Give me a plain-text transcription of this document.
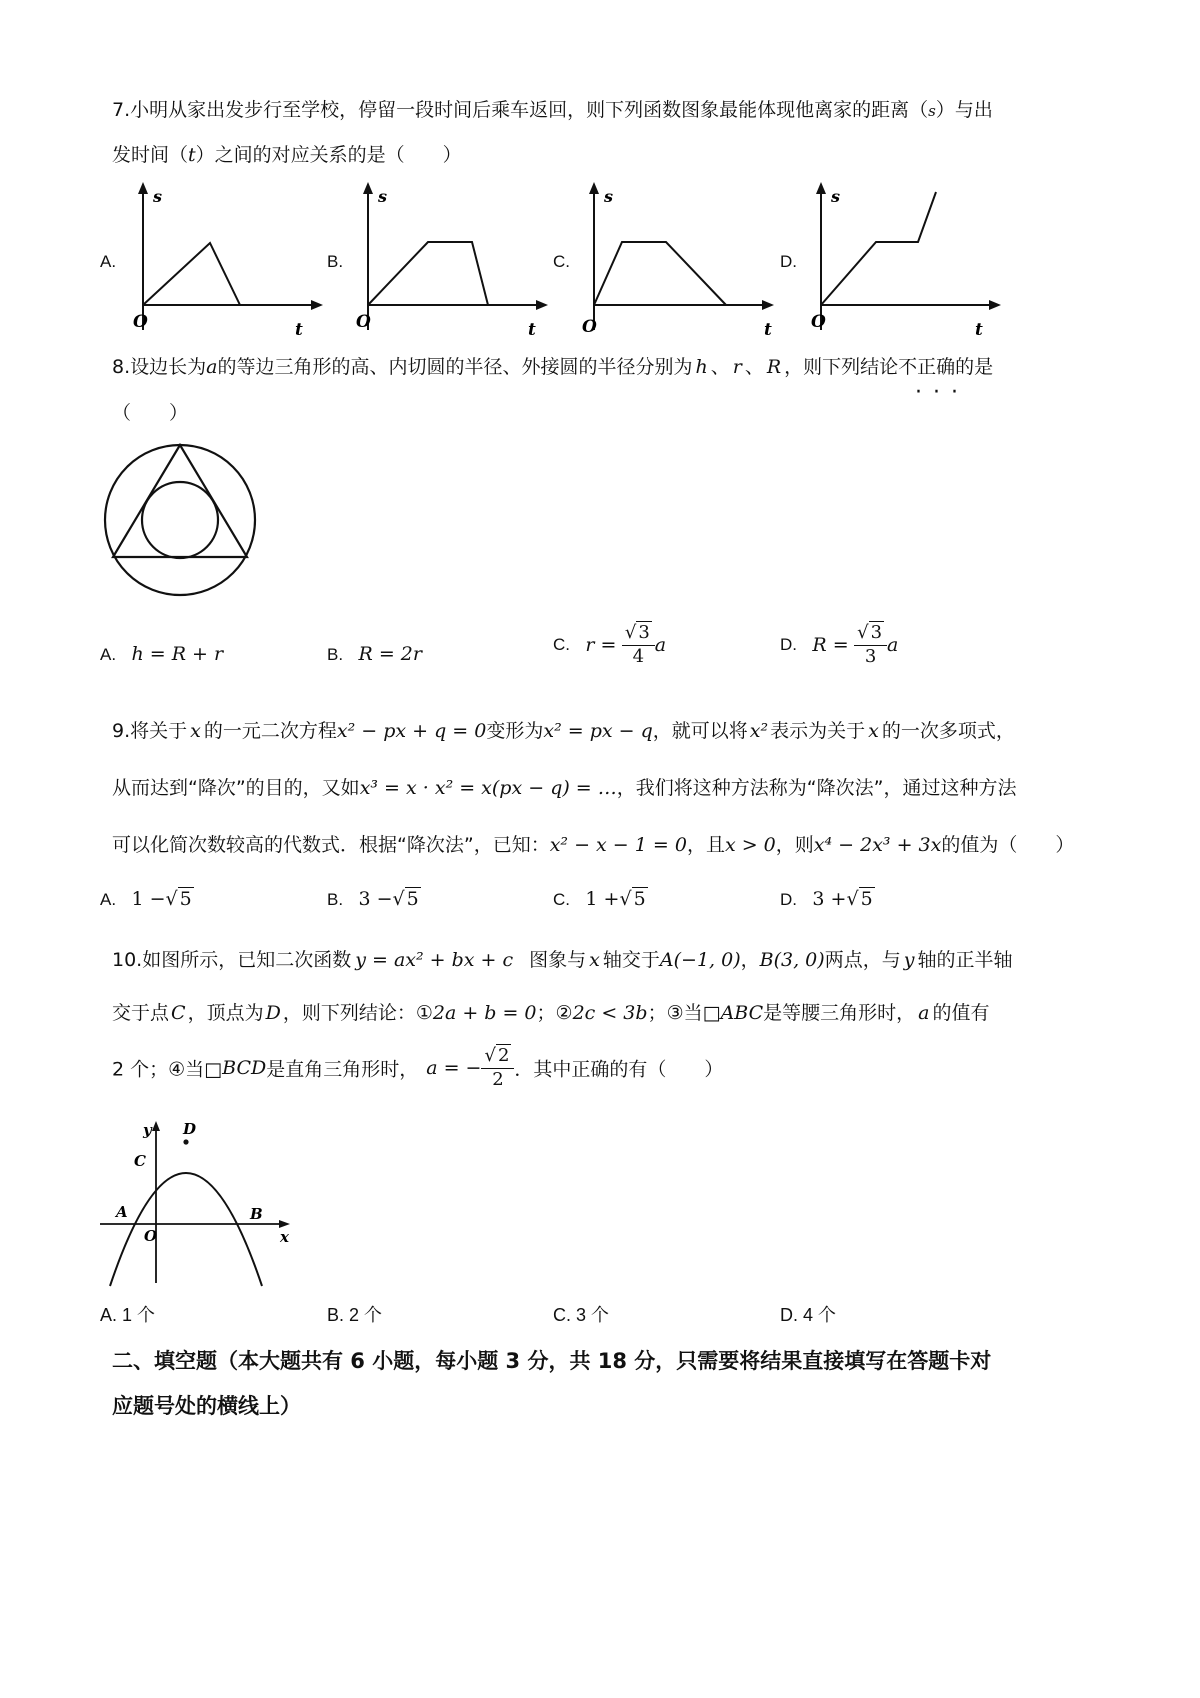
7.小明从家出发步行至学校，停留一段时间后乘车返回，则下列函数图象最能体现他离家的距离（s）与出
发时间（t）之间的对应关系的是（　　）
A.
s
O	t
B.
s
O	t
C.
s
O	t
D.
s
O	t
8.设边长为a的等边三角形的高、内切圆的半径、外接圆的半径分别为 h 、 r 、 R ，则下列结论不正确的是
···
（　　）
A. h = R + r	B. R = 2r	C. $r = \frac{√ 3}{4}$ a	D. $R = \frac{√ 3}{3}$ a
9.将关于 x 的一元二次方程x² − px + q = 0变形为x² = px − q，就可以将 x² 表示为关于 x 的一次多项式，
从而达到“降次”的目的，又如x³ = x · x² = x(px − q) = …，我们将这种方法称为“降次法”，通过这种方法
可以化简次数较高的代数式．根据“降次法”，已知：x² − x − 1 = 0，且x > 0，则x⁴ − 2x³ + 3x的值为（　　）
A. 1 −√ 5	B. 3 −√ 5	C. 1 +√ 5	D. 3 +√ 5
10.如图所示，已知二次函数 y = ax² + bx + c 图象与 x 轴交于A(−1, 0)，B(3, 0)两点，与 y 轴的正半轴
交于点 C ，顶点为 D ，则下列结论：①2a + b = 0；②2c < 3b；③当□ABC是等腰三角形时， a 的值有
2 个；④当□BCD是直角三角形时， a = − $\frac{√ 2}{2}$ ．其中正确的有（　　）
y D
C
A
O
B
x
A. 1 个	B. 2 个	C. 3 个	D. 4 个
二、填空题（本大题共有 6 小题，每小题 3 分，共 18 分，只需要将结果直接填写在答题卡对
应题号处的横线上）
